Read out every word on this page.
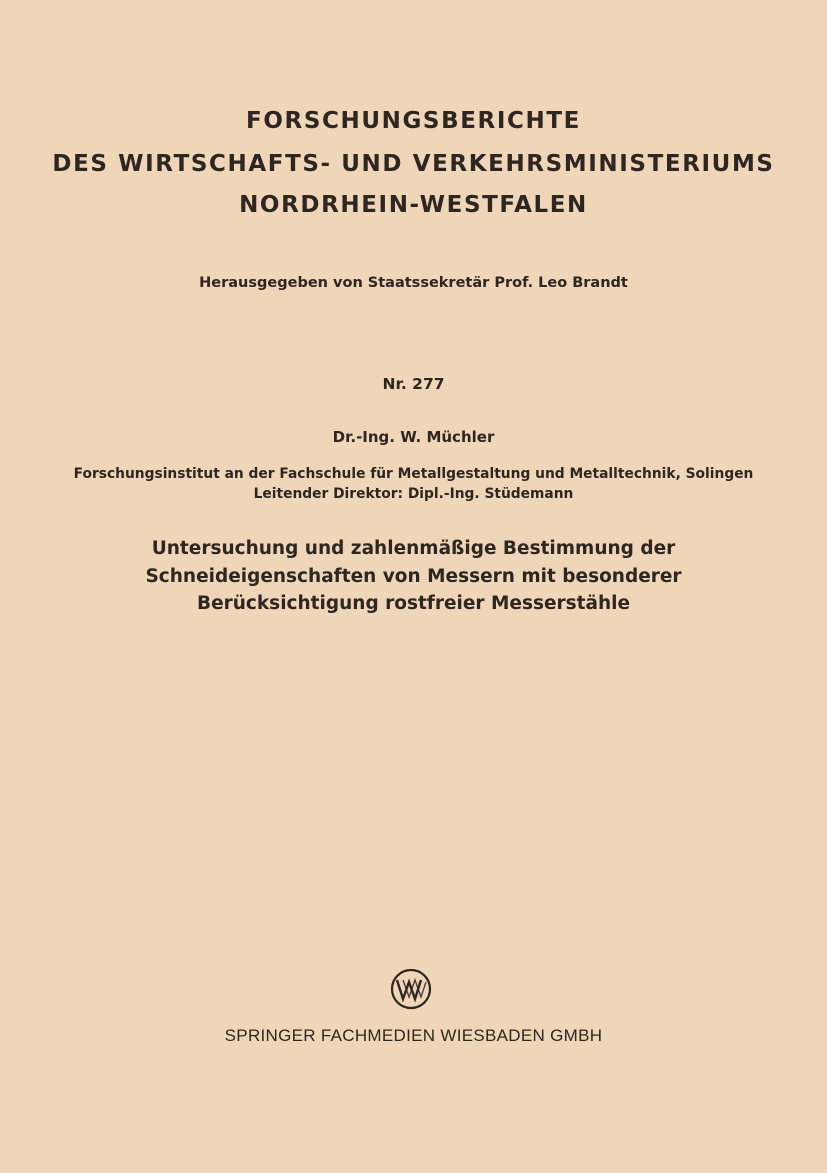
FORSCHUNGSBERICHTE
DES WIRTSCHAFTS- UND VERKEHRSMINISTERIUMS
NORDRHEIN-WESTFALEN
Herausgegeben von Staatssekretär Prof. Leo Brandt
Nr. 277
Dr.-Ing. W. Müchler
Forschungsinstitut an der Fachschule für Metallgestaltung und Metalltechnik, Solingen
Leitender Direktor: Dipl.-Ing. Stüdemann
Untersuchung und zahlenmäßige Bestimmung der
Schneideigenschaften von Messern mit besonderer
Berücksichtigung rostfreier Messerstähle
SPRINGER FACHMEDIEN WIESBADEN GMBH
